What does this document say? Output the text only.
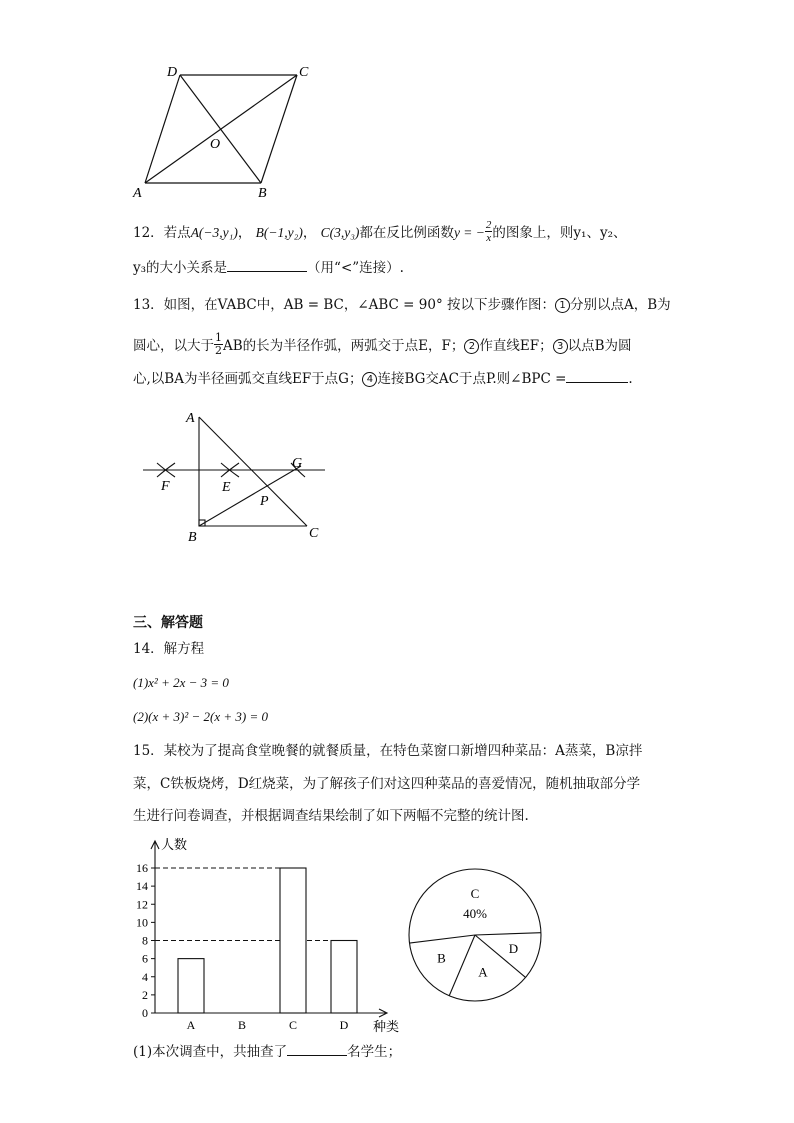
D	C
O
A	B
12．若点A(−3,y₁)， B(−1,y₂)， C(3,y₃)都在反比例函数y = − $\frac{2}{x}$ 的图象上，则y₁、y₂、
y₃的大小关系是	（用“<”连接）.
13．如图，在VABC中，AB = BC，∠ABC = 90° 按以下步骤作图： 1 分别以点A，B为
圆心，以大于 $\frac{1}{2}$ AB的长为半径作弧，两弧交于点E，F； 2 作直线EF； 3 以点B为圆
心,以BA为半径画弧交直线EF于点G； 4 连接BG交AC于点P.则∠BPC =	.
A
G
F	E
P
B	C
三、解答题
14．解方程
(1)x² + 2x − 3 = 0
(2)(x + 3)² − 2(x + 3) = 0
15．某校为了提高食堂晚餐的就餐质量，在特色菜窗口新增四种菜品：A蒸菜，B凉拌
菜，C铁板烧烤，D红烧菜，为了解孩子们对这四种菜品的喜爱情况，随机抽取部分学
生进行问卷调查，并根据调查结果绘制了如下两幅不完整的统计图.
人数
种类
0
2
4
6
8
10
12
14
16
A	B	C	D
C
D
A
B
40%
(1)本次调查中，共抽查了	名学生；
